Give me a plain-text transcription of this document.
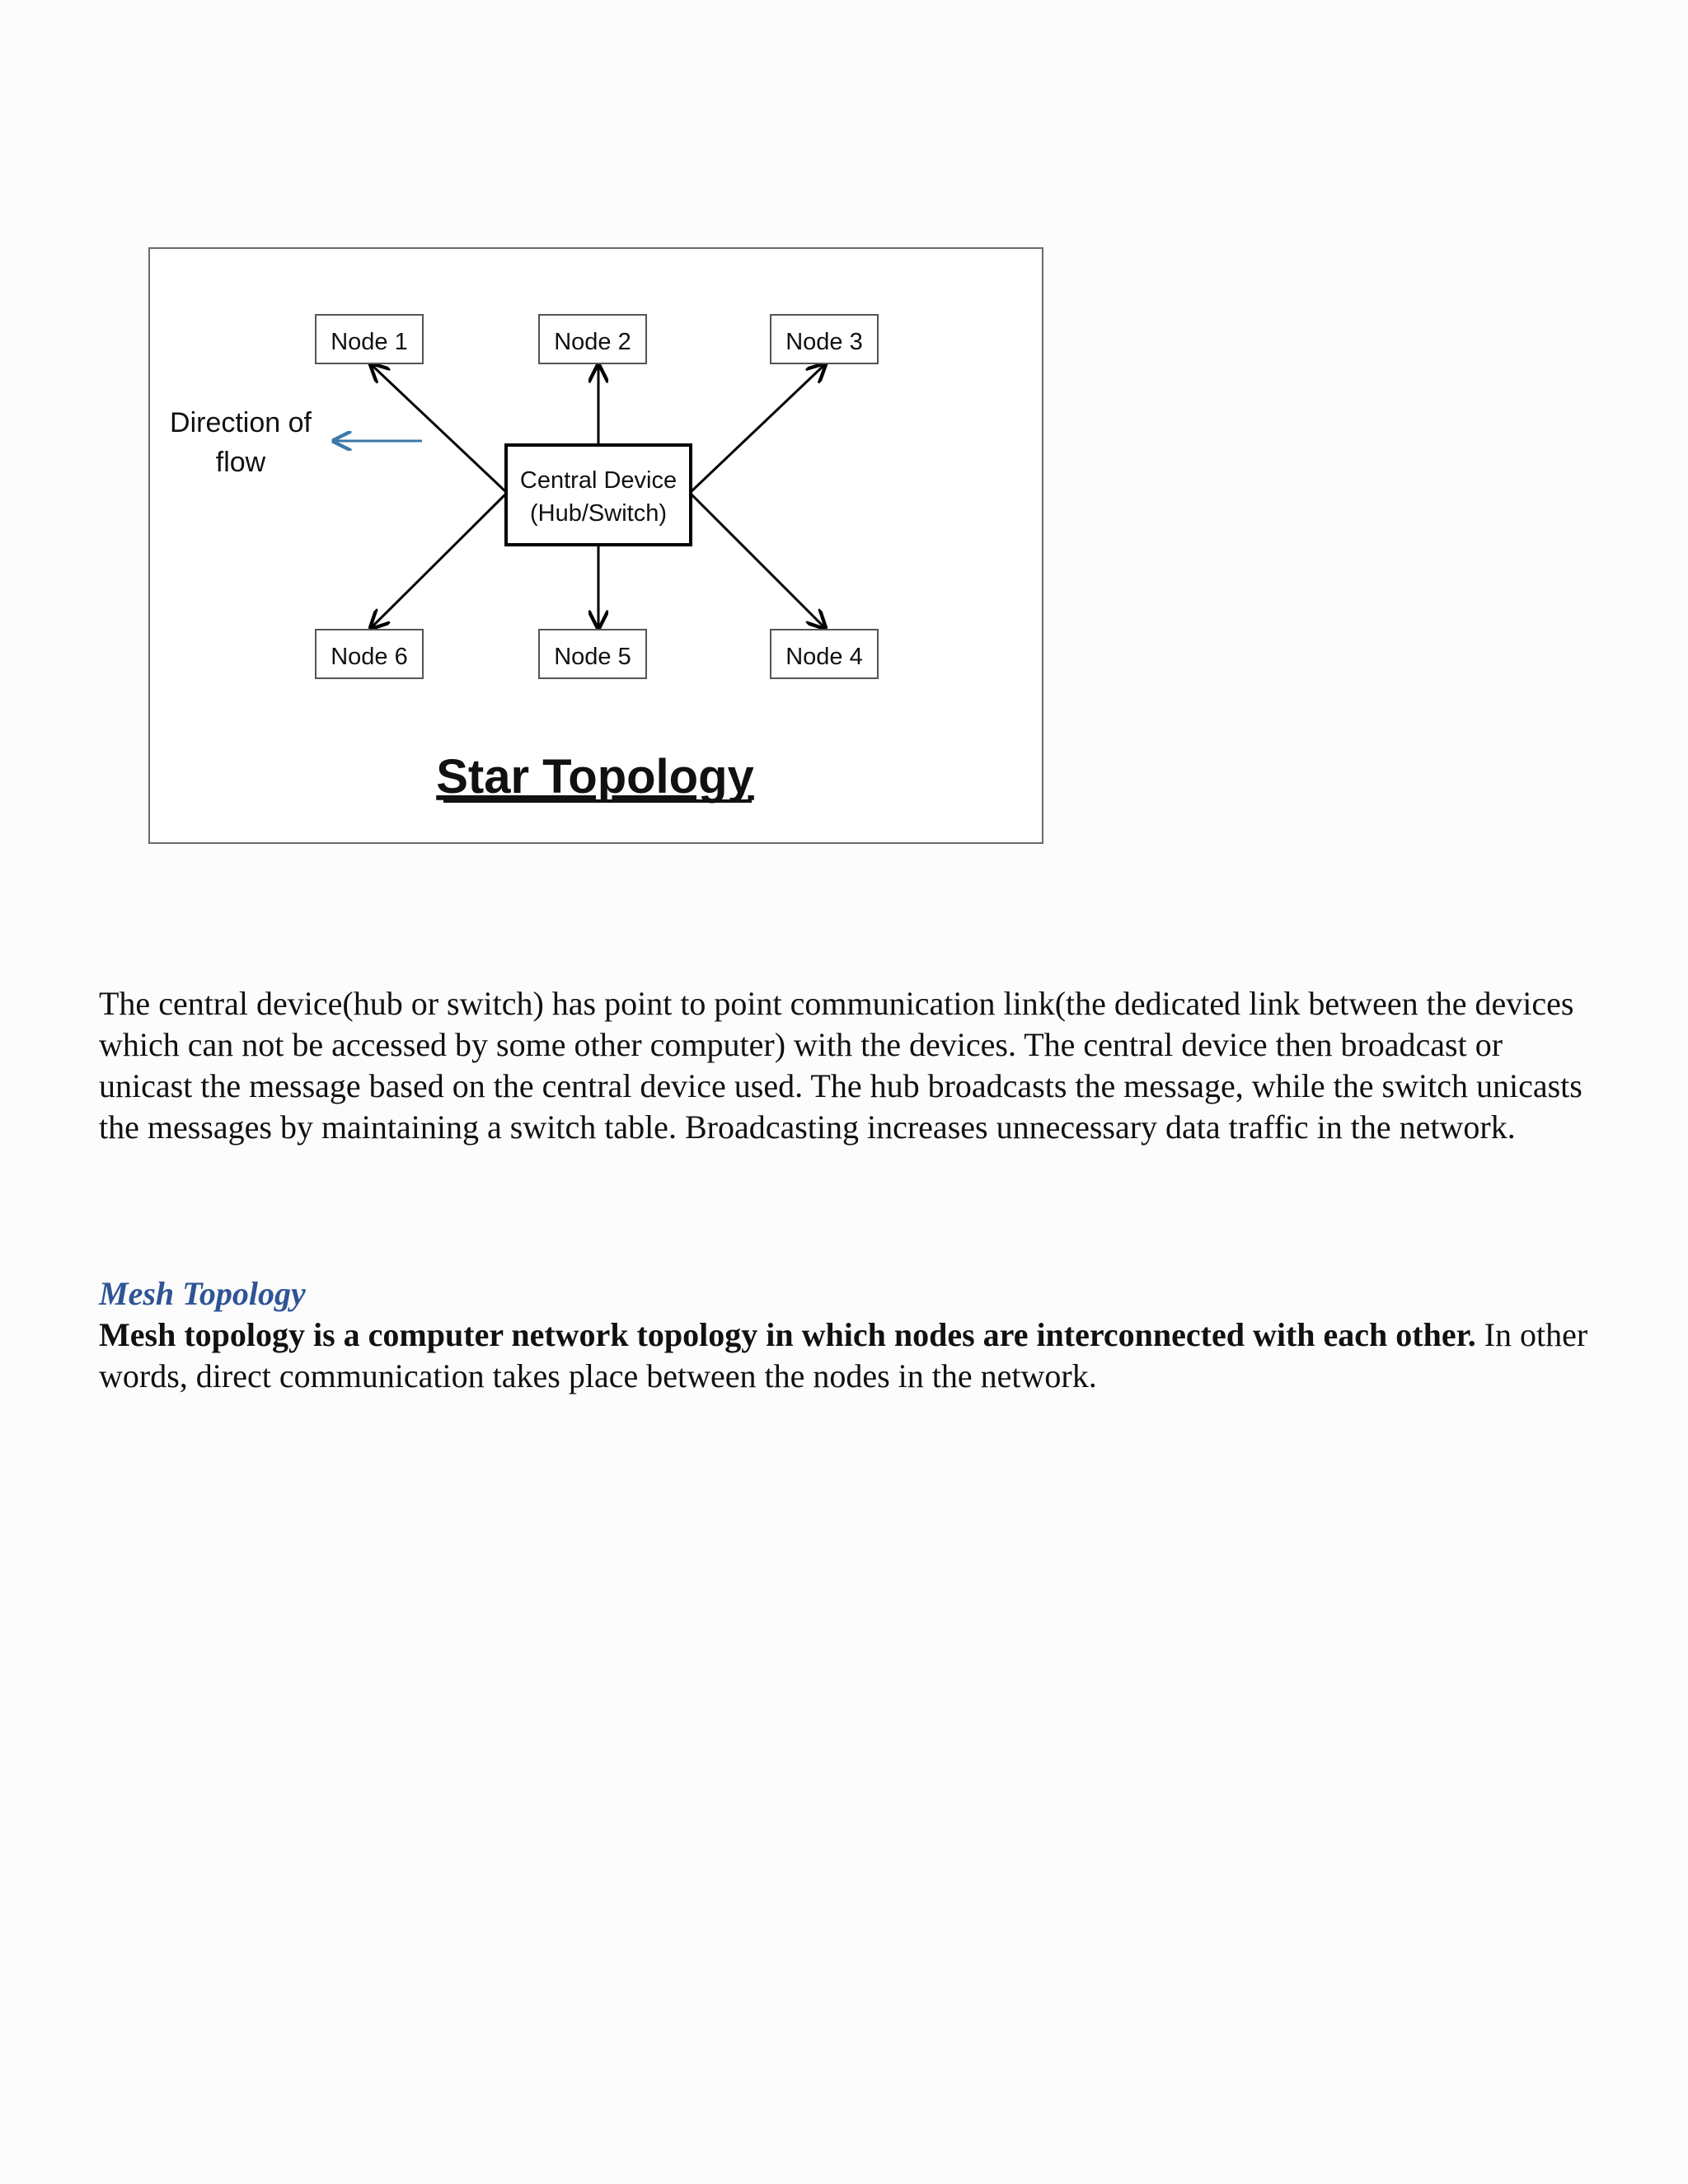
Central Device
(Hub/Switch)
Node 1	Node 2	Node 3
Node 6	Node 5	Node 4
Direction of
flow
Star Topology

The central device(hub or switch) has point to point communication link(the dedicated link between the devices which can not be accessed by some other computer) with the devices. The central device then broadcast or unicast the message based on the central device used. The hub broadcasts the message, while the switch unicasts the messages by maintaining a switch table. Broadcasting increases unnecessary data traffic in the network.

Mesh Topology

Mesh topology is a computer network topology in which nodes are interconnected with each other. In other words, direct communication takes place between the nodes in the network.
